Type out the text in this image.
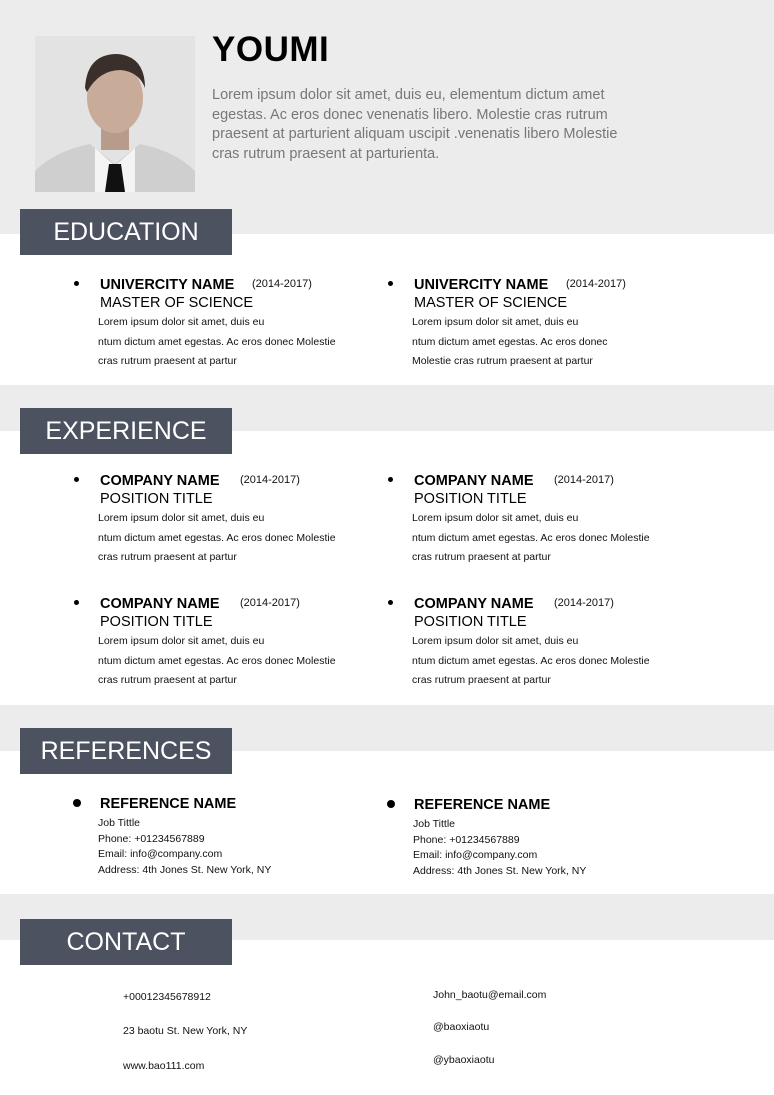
YOUMI
Lorem ipsum dolor sit amet, duis eu, elementum dictum amet egestas. Ac eros donec venenatis libero. Molestie cras rutrum praesent at parturient aliquam uscipit .venenatis libero Molestie cras rutrum praesent at parturienta.
EDUCATION
UNIVERCITY NAME (2014-2017)
MASTER OF SCIENCE
Lorem ipsum dolor sit amet, duis eu
ntum dictum amet egestas. Ac eros donec Molestie
cras rutrum praesent at partur
UNIVERCITY NAME (2014-2017)
MASTER OF SCIENCE
Lorem ipsum dolor sit amet, duis eu
ntum dictum amet egestas. Ac eros donec
Molestie cras rutrum praesent at partur
EXPERIENCE
COMPANY NAME (2014-2017)
POSITION TITLE
Lorem ipsum dolor sit amet, duis eu
ntum dictum amet egestas. Ac eros donec Molestie
cras rutrum praesent at partur
COMPANY NAME (2014-2017)
POSITION TITLE
Lorem ipsum dolor sit amet, duis eu
ntum dictum amet egestas. Ac eros donec Molestie
cras rutrum praesent at partur
COMPANY NAME (2014-2017)
POSITION TITLE
Lorem ipsum dolor sit amet, duis eu
ntum dictum amet egestas. Ac eros donec Molestie
cras rutrum praesent at partur
COMPANY NAME (2014-2017)
POSITION TITLE
Lorem ipsum dolor sit amet, duis eu
ntum dictum amet egestas. Ac eros donec Molestie
cras rutrum praesent at partur
REFERENCES
REFERENCE NAME
Job Tittle
Phone: +01234567889
Email: info@company.com
Address: 4th Jones St. New York, NY
REFERENCE NAME
Job Tittle
Phone: +01234567889
Email: info@company.com
Address: 4th Jones St. New York, NY
CONTACT
+00012345678912
23 baotu St. New York, NY
www.bao111.com
John_baotu@email.com
@baoxiaotu
@ybaoxiaotu
